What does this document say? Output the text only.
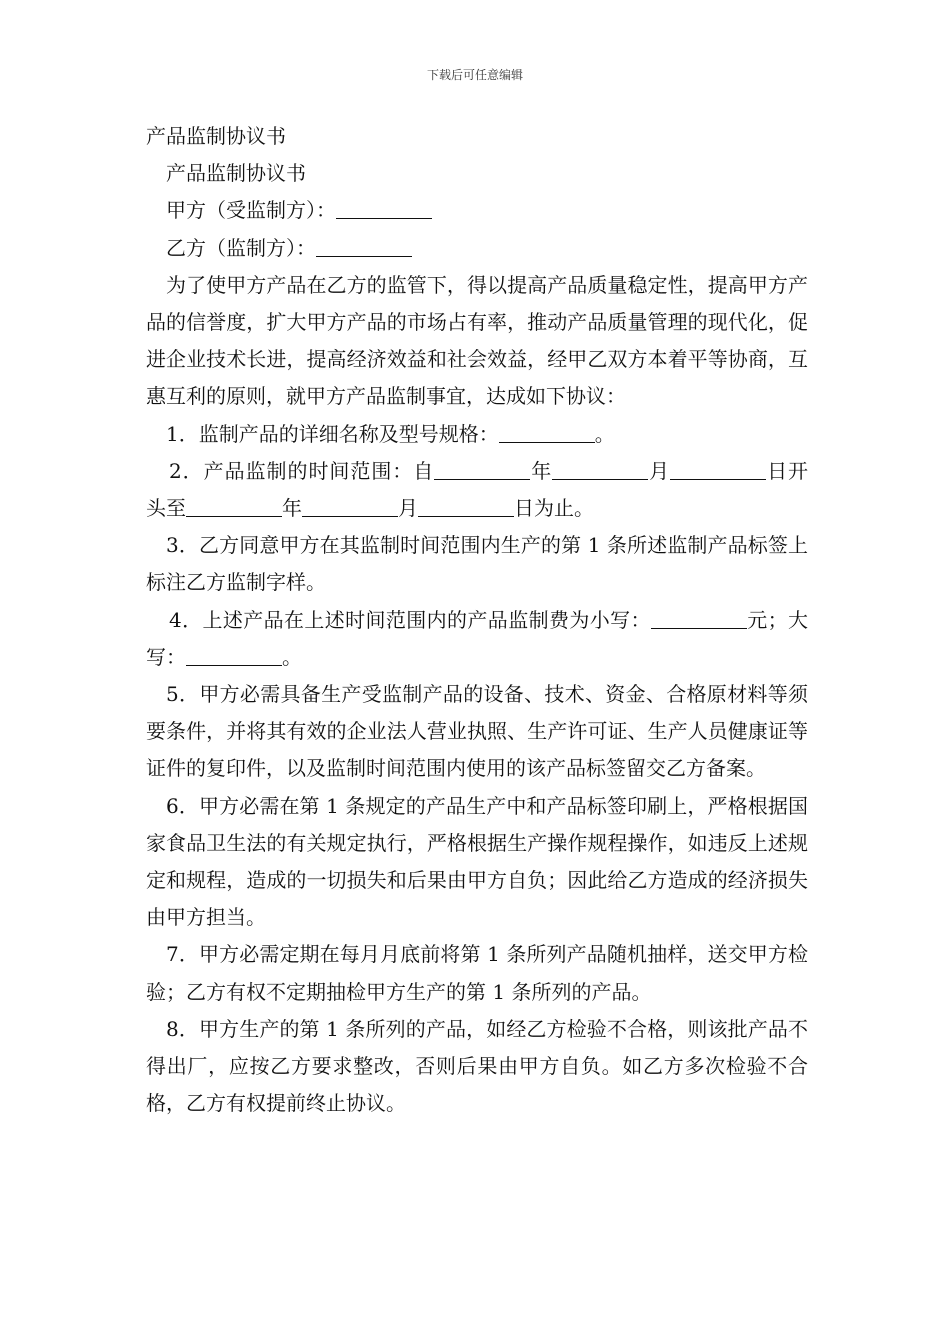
下载后可任意编辑

产品监制协议书

产品监制协议书

甲方（受监制方）：

乙方（监制方）：

为了使甲方产品在乙方的监管下，得以提高产品质量稳定性，提高甲方产品的信誉度，扩大甲方产品的市场占有率，推动产品质量管理的现代化，促进企业技术长进，提高经济效益和社会效益，经甲乙双方本着平等协商，互惠互利的原则，就甲方产品监制事宜，达成如下协议：

1．监制产品的详细名称及型号规格：	。

2．产品监制的时间范围：自	年	月	日开头至	年	月	日为止。

3．乙方同意甲方在其监制时间范围内生产的第 1 条所述监制产品标签上标注乙方监制字样。

4．上述产品在上述时间范围内的产品监制费为小写：	元；大写：	。

5．甲方必需具备生产受监制产品的设备、技术、资金、合格原材料等须要条件，并将其有效的企业法人营业执照、生产许可证、生产人员健康证等证件的复印件，以及监制时间范围内使用的该产品标签留交乙方备案。

6．甲方必需在第 1 条规定的产品生产中和产品标签印刷上，严格根据国家食品卫生法的有关规定执行，严格根据生产操作规程操作，如违反上述规定和规程，造成的一切损失和后果由甲方自负；因此给乙方造成的经济损失由甲方担当。

7．甲方必需定期在每月月底前将第 1 条所列产品随机抽样，送交甲方检验；乙方有权不定期抽检甲方生产的第 1 条所列的产品。

8．甲方生产的第 1 条所列的产品，如经乙方检验不合格，则该批产品不得出厂，应按乙方要求整改，否则后果由甲方自负。如乙方多次检验不合格，乙方有权提前终止协议。
